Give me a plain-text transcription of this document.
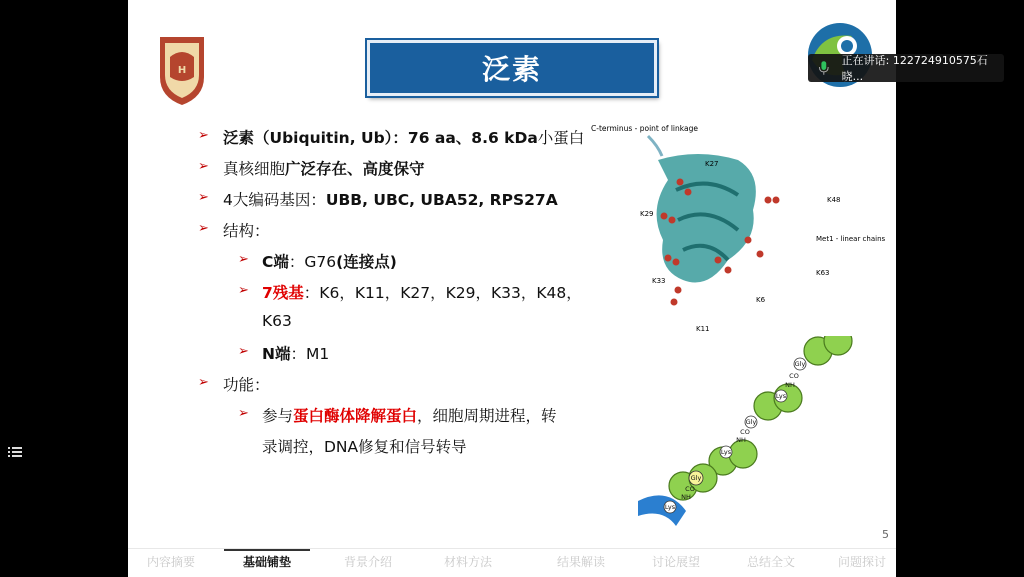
H	泛素
➢ 泛素（Ubiquitin, Ub）：76 aa、8.6 kDa小蛋白
➢ 真核细胞广泛存在、高度保守
➢ 4大编码基因：UBB, UBC, UBA52, RPS27A
➢ 结构：
➢ C端：G76(连接点)
➢ 7残基：K6，K11，K27，K29，K33，K48，
K63
➢ N端：M1
➢ 功能：
➢ 参与蛋白酶体降解蛋白，细胞周期进程，转
录调控，DNA修复和信号转导
C-terminus - point of linkage
K27
K48
K29
Met1 - linear chains
K63
K33
K6
K11
Gly
CO
NH
Lys
Gly
CO
NH
Lys
Gly
CO
NH
Lys
5
正在讲话: 122724910575石晓...
内容摘要	基础铺垫	背景介绍	材料方法	结果解读	讨论展望	总结全文	问题探讨
